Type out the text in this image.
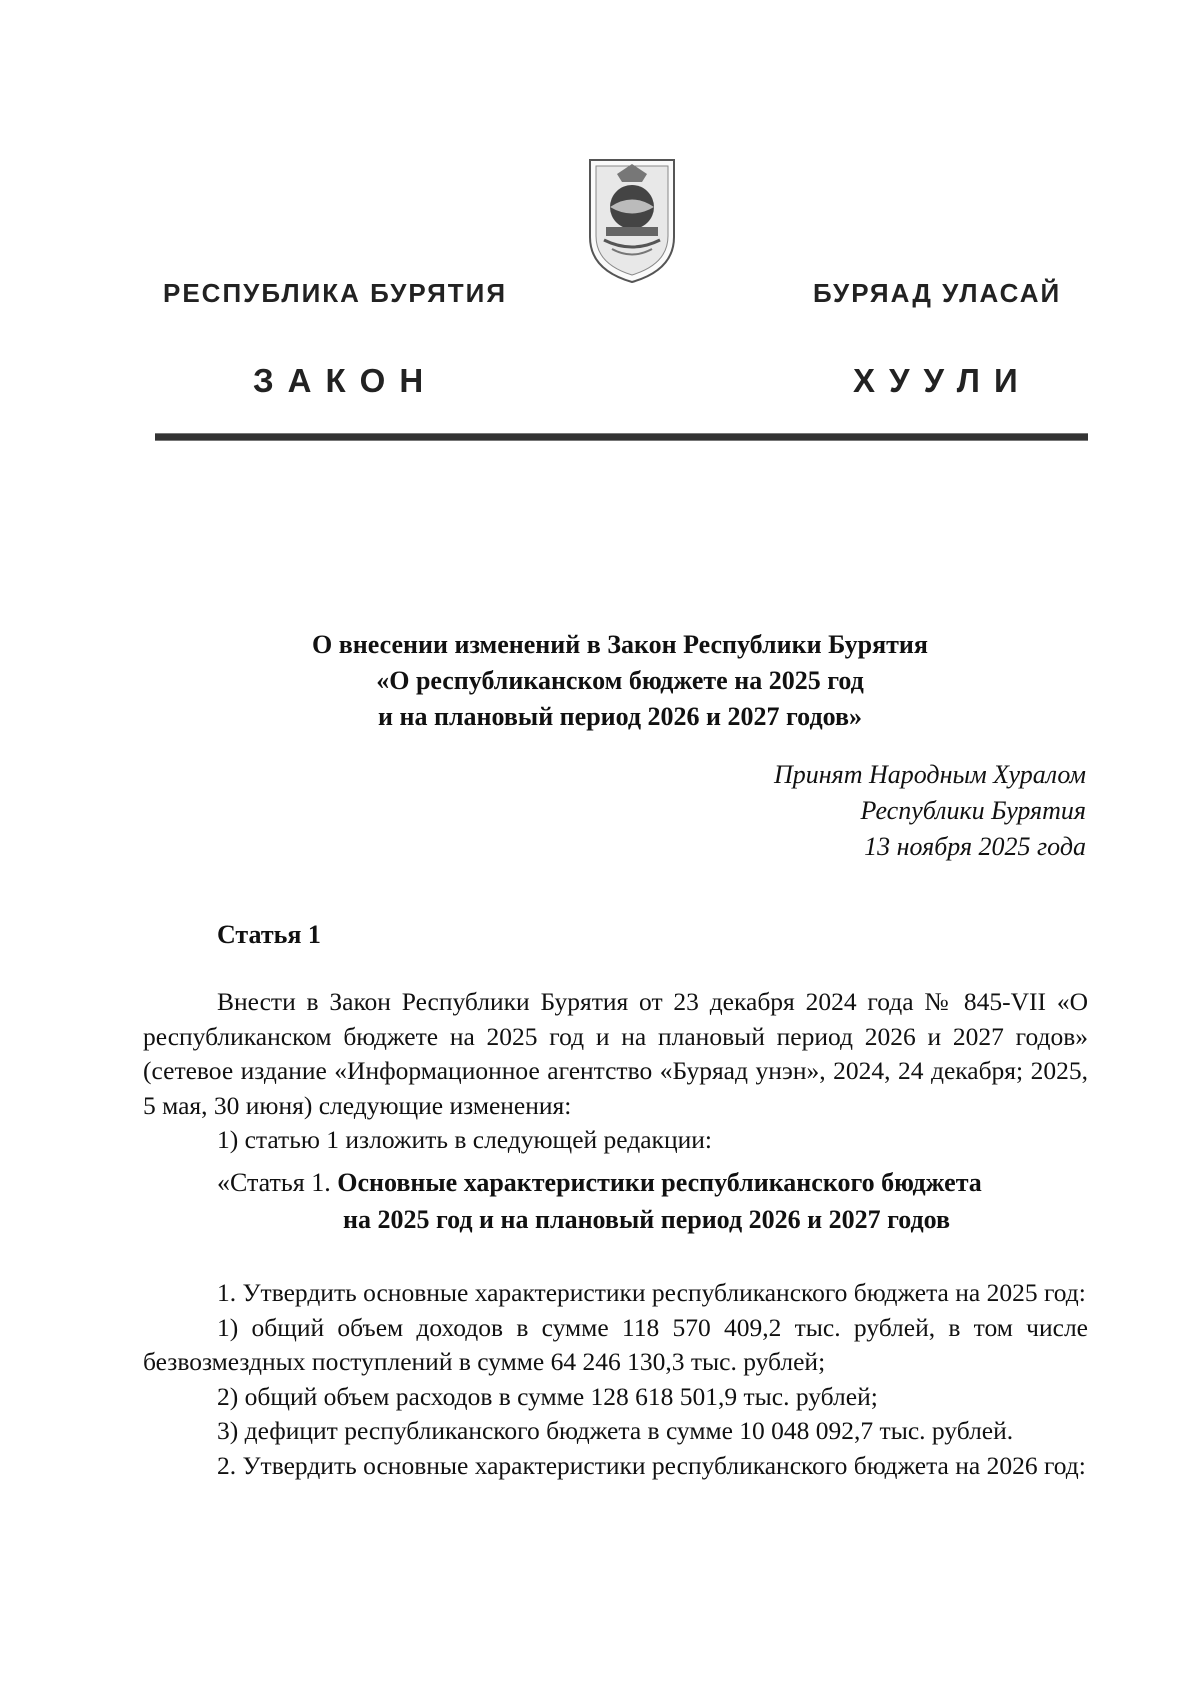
РЕСПУБЛИКА БУРЯТИЯ	БУРЯАД УЛАСАЙ
ЗАКОН	ХУУЛИ
О внесении изменений в Закон Республики Бурятия
«О республиканском бюджете на 2025 год
и на плановый период 2026 и 2027 годов»
Принят Народным Хуралом
Республики Бурятия
13 ноября 2025 года
Статья 1

Внести в Закон Республики Бурятия от 23 декабря 2024 года № 845-VII «О республиканском бюджете на 2025 год и на плановый период 2026 и 2027 годов» (сетевое издание «Информационное агентство «Буряад унэн», 2024, 24 декабря; 2025, 5 мая, 30 июня) следующие изменения:

1) статью 1 изложить в следующей редакции:

«Статья 1. Основные характеристики республиканского бюджета
на 2025 год и на плановый период 2026 и 2027 годов

1. Утвердить основные характеристики республиканского бюджета на 2025 год:

1) общий объем доходов в сумме 118 570 409,2 тыс. рублей, в том числе безвозмездных поступлений в сумме 64 246 130,3 тыс. рублей;

2) общий объем расходов в сумме 128 618 501,9 тыс. рублей;

3) дефицит республиканского бюджета в сумме 10 048 092,7 тыс. рублей.

2. Утвердить основные характеристики республиканского бюджета на 2026 год:
